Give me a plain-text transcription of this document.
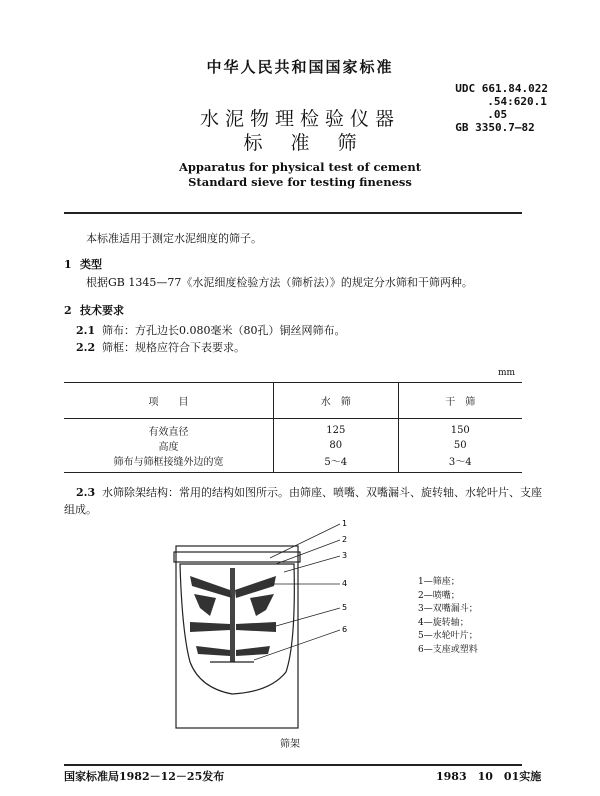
中华人民共和国国家标准
UDC 661.84.022
.54:620.1
.05
GB 3350.7—82
水泥物理检验仪器
标准筛
Apparatus for physical test of cement
Standard sieve for testing fineness
本标准适用于测定水泥细度的筛子。
1 类型
根据GB 1345—77《水泥细度检验方法（筛析法）》的规定分水筛和干筛两种。
2 技术要求
2.1 筛布：方孔边长0.080毫米（80孔）铜丝网筛布。
2.2 筛框：规格应符合下表要求。
mm
项　　目	水　筛	干　筛
有效直径	125	150
高度	80	50
筛布与筛框接缝外边的宽	5～4	3～4
2.3 水筛除架结构：常用的结构如图所示。由筛座、喷嘴、双嘴漏斗、旋转轴、水轮叶片、支座
组成。
1
2
3
4
5
6
1—筛座；
2—喷嘴；
3—双嘴漏斗；
4—旋转轴；
5—水轮叶片；
6—支座或塑料
筛架
国家标准局1982－12－25发布	1983　10　01实施
